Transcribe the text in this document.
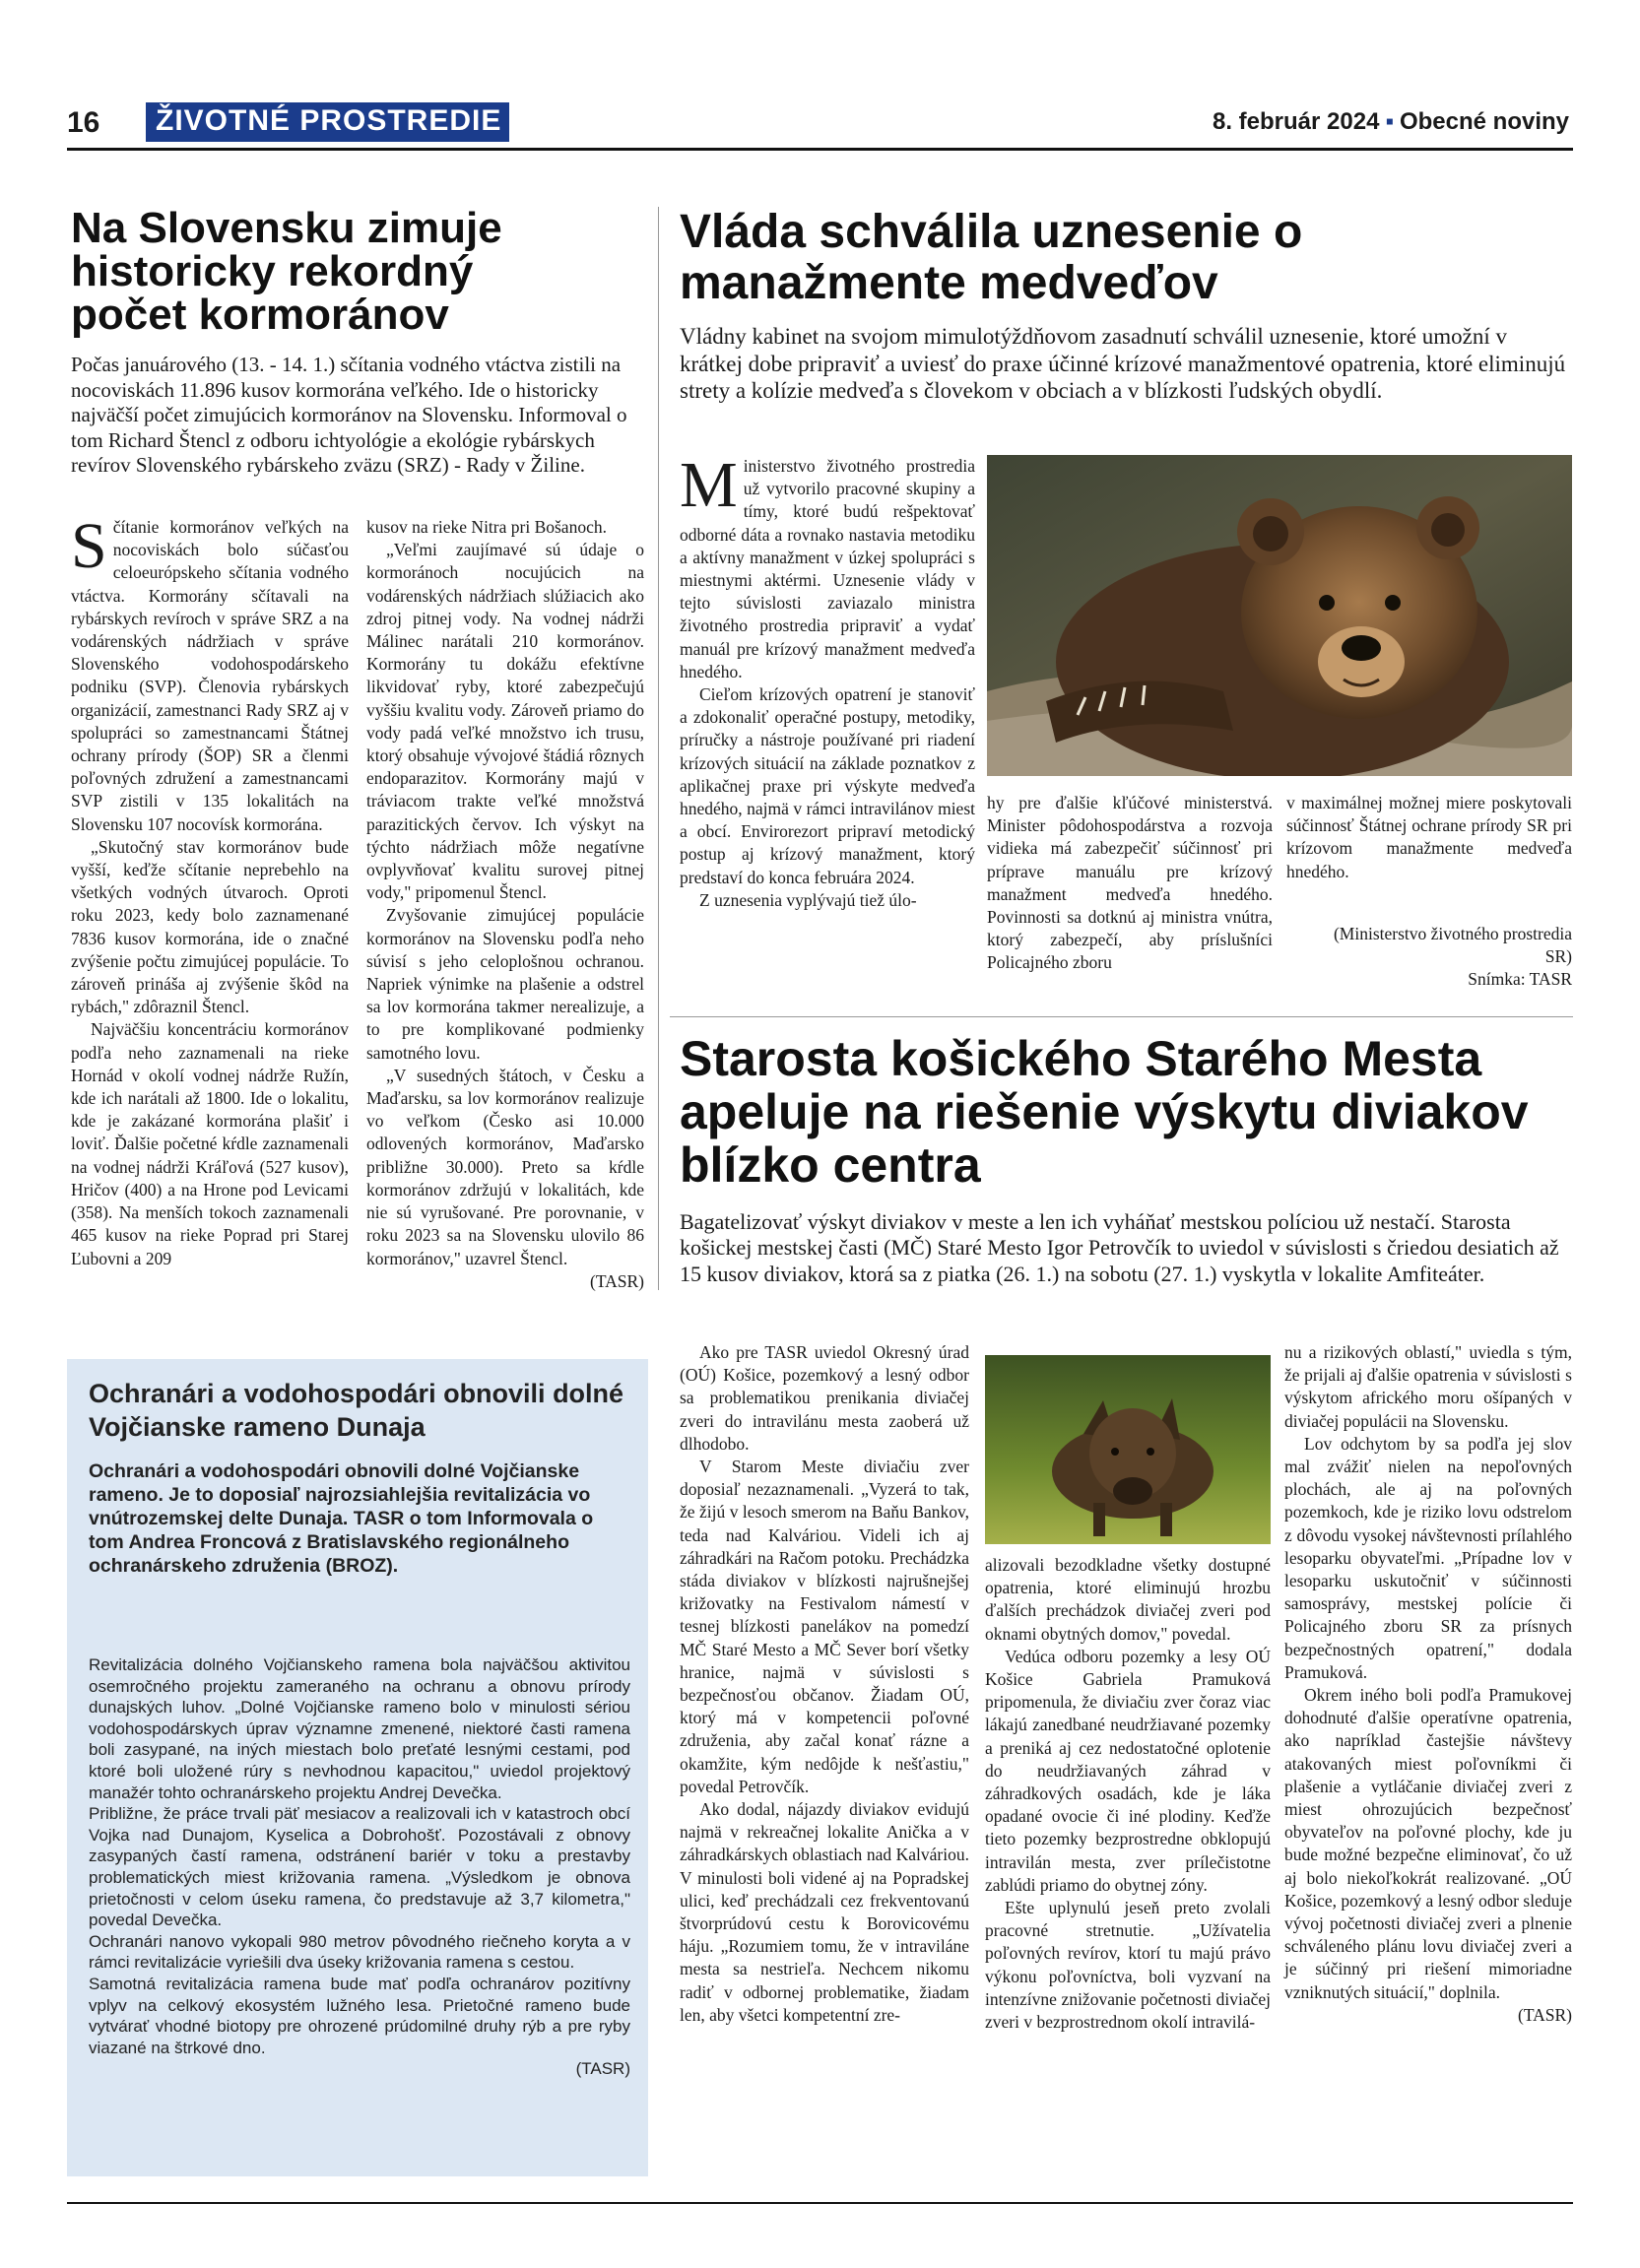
16	ŽIVOTNÉ PROSTREDIE	8. február 2024 ▪ Obecné noviny
Na Slovensku zimuje historicky rekordný počet kormoránov
Počas januárového (13. - 14. 1.) sčítania vodného vtáctva zistili na nocoviskách 11.896 kusov kormorána veľkého. Ide o historicky najväčší počet zimujúcich kormoránov na Slovensku. Informoval o tom Richard Štencl z odboru ichtyológie a ekológie rybárskych revírov Slovenského rybárskeho zväzu (SRZ) - Rady v Žiline.

Sčítanie kormoránov veľkých na nocoviskách bolo súčasťou celoeurópskeho sčítania vodného vtáctva. Kormorány sčítavali na rybárskych revíroch v správe SRZ a na vodárenských nádržiach v správe Slovenského vodohospodárskeho podniku (SVP). Členovia rybárskych organizácií, zamestnanci Rady SRZ aj v spolupráci so zamestnancami Štátnej ochrany prírody (ŠOP) SR a členmi poľovných združení a zamestnancami SVP zistili v 135 lokalitách na Slovensku 107 nocovísk kormorána.

„Skutočný stav kormoránov bude vyšší, keďže sčítanie neprebehlo na všetkých vodných útvaroch. Oproti roku 2023, kedy bolo zaznamenané 7836 kusov kormorána, ide o značné zvýšenie počtu zimujúcej populácie. To zároveň prináša aj zvýšenie škôd na rybách," zdôraznil Štencl.

Najväčšiu koncentráciu kormoránov podľa neho zaznamenali na rieke Hornád v okolí vodnej nádrže Ružín, kde ich narátali až 1800. Ide o lokalitu, kde je zakázané kormorána plašiť i loviť. Ďalšie početné kŕdle zaznamenali na vodnej nádrži Kráľová (527 kusov), Hričov (400) a na Hrone pod Levicami (358). Na menších tokoch zaznamenali 465 kusov na rieke Poprad pri Starej Ľubovni a 209

kusov na rieke Nitra pri Bošanoch.

„Veľmi zaujímavé sú údaje o kormoránoch nocujúcich na vodárenských nádržiach slúžiacich ako zdroj pitnej vody. Na vodnej nádrži Málinec narátali 210 kormoránov. Kormorány tu dokážu efektívne likvidovať ryby, ktoré zabezpečujú vyššiu kvalitu vody. Zároveň priamo do vody padá veľké množstvo ich trusu, ktorý obsahuje vývojové štádiá rôznych endoparazitov. Kormorány majú v tráviacom trakte veľké množstvá parazitických červov. Ich výskyt na týchto nádržiach môže negatívne ovplyvňovať kvalitu surovej pitnej vody," pripomenul Štencl.

Zvyšovanie zimujúcej populácie kormoránov na Slovensku podľa neho súvisí s jeho celoplošnou ochranou. Napriek výnimke na plašenie a odstrel sa lov kormorána takmer nerealizuje, a to pre komplikované podmienky samotného lovu.

„V susedných štátoch, v Česku a Maďarsku, sa lov kormoránov realizuje vo veľkom (Česko asi 10.000 odlovených kormoránov, Maďarsko približne 30.000). Preto sa kŕdle kormoránov zdržujú v lokalitách, kde nie sú vyrušované. Pre porovnanie, v roku 2023 sa na Slovensku ulovilo 86 kormoránov," uzavrel Štencl.

(TASR)

Vláda schválila uznesenie o manažmente medveďov
Vládny kabinet na svojom mimulotýždňovom zasadnutí schválil uznesenie, ktoré umožní v krátkej dobe pripraviť a uviesť do praxe účinné krízové manažmentové opatrenia, ktoré eliminujú strety a kolízie medveďa s človekom v obciach a v blízkosti ľudských obydlí.

Ministerstvo životného prostredia už vytvorilo pracovné skupiny a tímy, ktoré budú rešpektovať odborné dáta a rovnako nastavia metodiku a aktívny manažment v úzkej spolupráci s miestnymi aktérmi. Uznesenie vlády v tejto súvislosti zaviazalo ministra životného prostredia pripraviť a vydať manuál pre krízový manažment medveďa hnedého.

Cieľom krízových opatrení je stanoviť a zdokonaliť operačné postupy, metodiky, príručky a nástroje používané pri riadení krízových situácií na základe poznatkov z aplikačnej praxe pri výskyte medveďa hnedého, najmä v rámci intravilánov miest a obcí. Envirorezort pripraví metodický postup aj krízový manažment, ktorý predstaví do konca februára 2024.

Z uznesenia vyplývajú tiež úlo-

hy pre ďalšie kľúčové ministerstvá. Minister pôdohospodárstva a rozvoja vidieka má zabezpečiť súčinnosť pri príprave manuálu pre krízový manažment medveďa hnedého. Povinnosti sa dotknú aj ministra vnútra, ktorý zabezpečí, aby príslušníci Policajného zboru

v maximálnej možnej miere poskytovali súčinnosť Štátnej ochrane prírody SR pri krízovom manažmente medveďa hnedého.

(Ministerstvo životného prostredia SR)

Snímka: TASR

Starosta košického Starého Mesta apeluje na riešenie výskytu diviakov blízko centra
Bagatelizovať výskyt diviakov v meste a len ich vyháňať mestskou políciou už nestačí. Starosta košickej mestskej časti (MČ) Staré Mesto Igor Petrovčík to uviedol v súvislosti s čriedou desiatich až 15 kusov diviakov, ktorá sa z piatka (26. 1.) na sobotu (27. 1.) vyskytla v lokalite Amfiteáter.

Ako pre TASR uviedol Okresný úrad (OÚ) Košice, pozemkový a lesný odbor sa problematikou prenikania diviačej zveri do intravilánu mesta zaoberá už dlhodobo.

V Starom Meste diviačiu zver doposiaľ nezaznamenali. „Vyzerá to tak, že žijú v lesoch smerom na Baňu Bankov, teda nad Kalváriou. Videli ich aj záhradkári na Račom potoku. Prechádzka stáda diviakov v blízkosti najrušnejšej križovatky na Festivalom námestí v tesnej blízkosti panelákov na pomedzí MČ Staré Mesto a MČ Sever borí všetky hranice, najmä v súvislosti s bezpečnosťou občanov. Žiadam OÚ, ktorý má v kompetencii poľovné združenia, aby začal konať rázne a okamžite, kým nedôjde k nešťastiu," povedal Petrovčík.

Ako dodal, nájazdy diviakov evidujú najmä v rekreačnej lokalite Anička a v záhradkárskych oblastiach nad Kalváriou. V minulosti boli videné aj na Popradskej ulici, keď prechádzali cez frekventovanú štvorprúdovú cestu k Borovicovému háju. „Rozumiem tomu, že v intraviláne mesta sa nestrieľa. Nechcem nikomu radiť v odbornej problematike, žiadam len, aby všetci kompetentní zre-

alizovali bezodkladne všetky dostupné opatrenia, ktoré eliminujú hrozbu ďalších prechádzok diviačej zveri pod oknami obytných domov," povedal.

Vedúca odboru pozemky a lesy OÚ Košice Gabriela Pramuková pripomenula, že diviačiu zver čoraz viac lákajú zanedbané neudržiavané pozemky a preniká aj cez nedostatočné oplotenie do neudržiavaných záhrad v záhradkových osadách, kde je láka opadané ovocie či iné plodiny. Keďže tieto pozemky bezprostredne obklopujú intravilán mesta, zver prílečistotne zablúdi priamo do obytnej zóny.

Ešte uplynulú jeseň preto zvolali pracovné stretnutie. „Užívatelia poľovných revírov, ktorí tu majú právo výkonu poľovníctva, boli vyzvaní na intenzívne znižovanie početnosti diviačej zveri v bezprostrednom okolí intravilá-

nu a rizikových oblastí," uviedla s tým, že prijali aj ďalšie opatrenia v súvislosti s výskytom afrického moru ošípaných v diviačej populácii na Slovensku.

Lov odchytom by sa podľa jej slov mal zvážiť nielen na nepoľovných plochách, ale aj na poľovných pozemkoch, kde je riziko lovu odstrelom z dôvodu vysokej návštevnosti prílahlého lesoparku obyvateľmi. „Prípadne lov v lesoparku uskutočniť v súčinnosti samosprávy, mestskej polície či Policajného zboru SR za prísnych bezpečnostných opatrení," dodala Pramuková.

Okrem iného boli podľa Pramukovej dohodnuté ďalšie operatívne opatrenia, ako napríklad častejšie návštevy atakovaných miest poľovníkmi či plašenie a vytláčanie diviačej zveri z miest ohrozujúcich bezpečnosť obyvateľov na poľovné plochy, kde ju bude možné bezpečne eliminovať, čo už aj bolo niekoľkokrát realizované. „OÚ Košice, pozemkový a lesný odbor sleduje vývoj početnosti diviačej zveri a plnenie schváleného plánu lovu diviačej zveri a je súčinný pri riešení mimoriadne vzniknutých situácií," doplnila.

(TASR)

Ochranári a vodohospodári obnovili dolné Vojčianske rameno Dunaja
Ochranári a vodohospodári obnovili dolné Vojčianske rameno. Je to doposiaľ najrozsiahlejšia revitalizácia vo vnútrozemskej delte Dunaja. TASR o tom Informovala o tom Andrea Froncová z Bratislavského regionálneho ochranárskeho združenia (BROZ).

Revitalizácia dolného Vojčianskeho ramena bola najväčšou aktivitou osemročného projektu zameraného na ochranu a obnovu prírody dunajských luhov. „Dolné Vojčianske rameno bolo v minulosti sériou vodohospodárskych úprav významne zmenené, niektoré časti ramena boli zasypané, na iných miestach bolo preťaté lesnými cestami, pod ktoré boli uložené rúry s nevhodnou kapacitou," uviedol projektový manažér tohto ochranárskeho projektu Andrej Devečka.

Približne, že práce trvali päť mesiacov a realizovali ich v katastroch obcí Vojka nad Dunajom, Kyselica a Dobrohošť. Pozostávali z obnovy zasypaných častí ramena, odstránení bariér v toku a prestavby problematických miest križovania ramena. „Výsledkom je obnova prietočnosti v celom úseku ramena, čo predstavuje až 3,7 kilometra," povedal Devečka.

Ochranári nanovo vykopali 980 metrov pôvodného riečneho koryta a v rámci revitalizácie vyriešili dva úseky križovania ramena s cestou.

Samotná revitalizácia ramena bude mať podľa ochranárov pozitívny vplyv na celkový ekosystém lužného lesa. Prietočné rameno bude vytvárať vhodné biotopy pre ohrozené prúdomilné druhy rýb a pre ryby viazané na štrkové dno.

(TASR)
